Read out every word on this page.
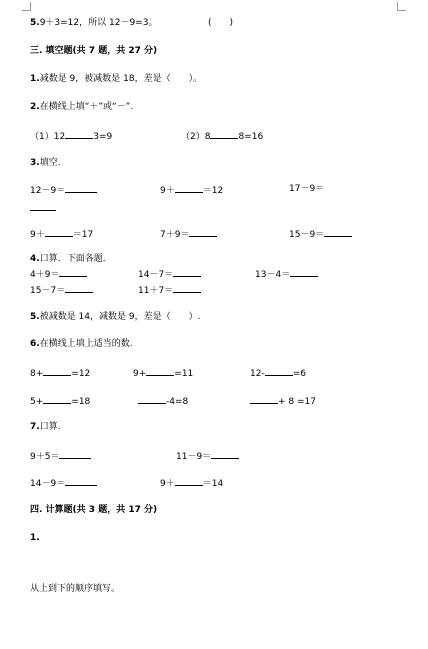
5.9＋3=12，所以 12－9=3。	(　　)
三. 填空题(共 7 题，共 27 分)
1.减数是 9，被减数是 18，差是（　　）。
2.在横线上填“＋”或“－”.
（1）12	3=9	（2）8	8=16
3.填空.
12－9＝	9＋	＝12	17－9＝
9＋	＝17	7＋9＝	15－9＝
4.口算．下面各题.
4＋9＝	14－7＝	13－4＝
15－7＝	11＋7＝
5.被减数是 14，减数是 9，差是（　　）.
6.在横线上填上适当的数.
8+	=12	9+	=11	12-	=6
5+	=18	-4=8	+ 8 =17
7.口算.
9＋5＝	11－9＝
14－9＝	9＋	＝14
四. 计算题(共 3 题，共 17 分)
1.
从上到下的顺序填写。
